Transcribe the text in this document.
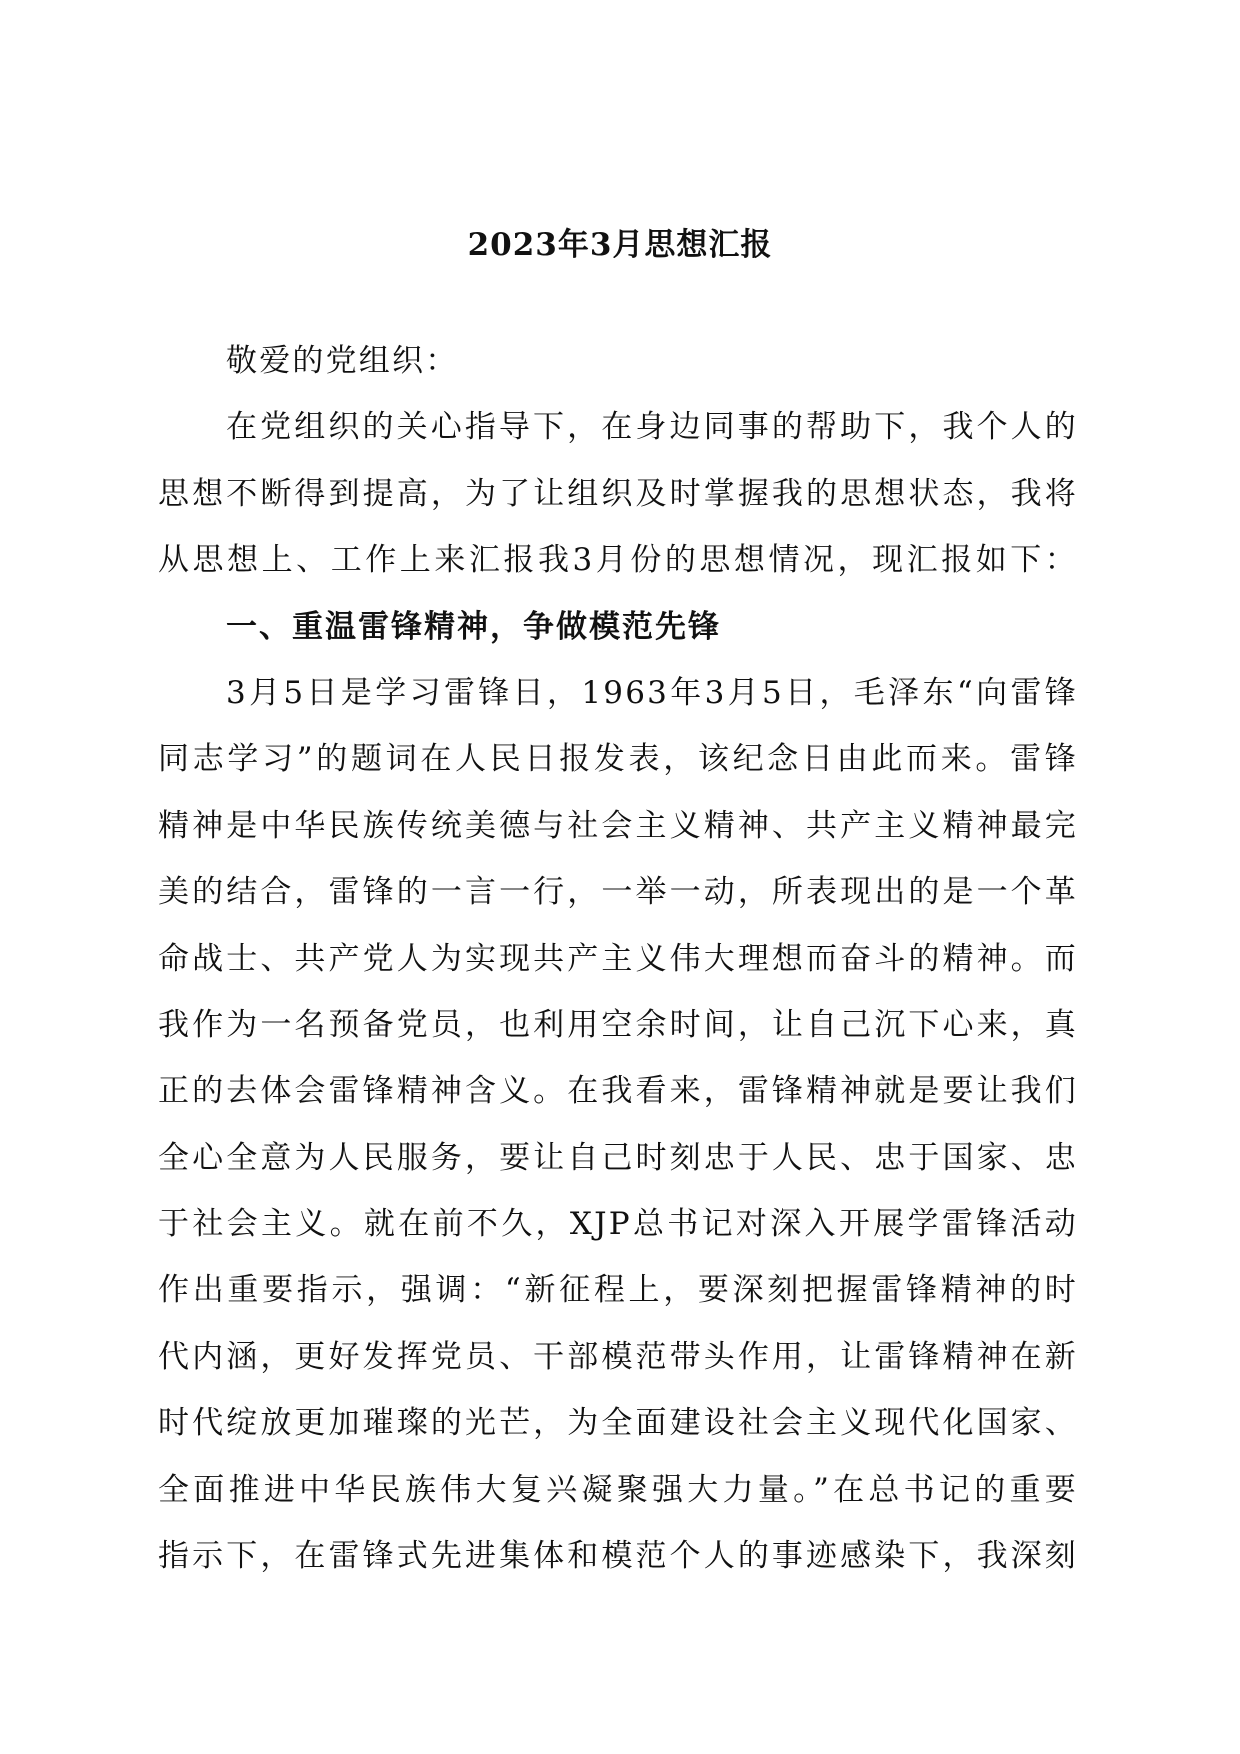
2023年3月思想汇报
敬爱的党组织：
在党组织的关心指导下，在身边同事的帮助下，我个人的
思想不断得到提高，为了让组织及时掌握我的思想状态，我将
从思想上、工作上来汇报我3月份的思想情况，现汇报如下：
一、重温雷锋精神，争做模范先锋
3月5日是学习雷锋日，1963年3月5日，毛泽东“向雷锋
同志学习”的题词在人民日报发表，该纪念日由此而来。雷锋
精神是中华民族传统美德与社会主义精神、共产主义精神最完
美的结合，雷锋的一言一行，一举一动，所表现出的是一个革
命战士、共产党人为实现共产主义伟大理想而奋斗的精神。而
我作为一名预备党员，也利用空余时间，让自己沉下心来，真
正的去体会雷锋精神含义。在我看来，雷锋精神就是要让我们
全心全意为人民服务，要让自己时刻忠于人民、忠于国家、忠
于社会主义。就在前不久，XJP总书记对深入开展学雷锋活动
作出重要指示，强调：“新征程上，要深刻把握雷锋精神的时
代内涵，更好发挥党员、干部模范带头作用，让雷锋精神在新
时代绽放更加璀璨的光芒，为全面建设社会主义现代化国家、
全面推进中华民族伟大复兴凝聚强大力量。”在总书记的重要
指示下，在雷锋式先进集体和模范个人的事迹感染下，我深刻
